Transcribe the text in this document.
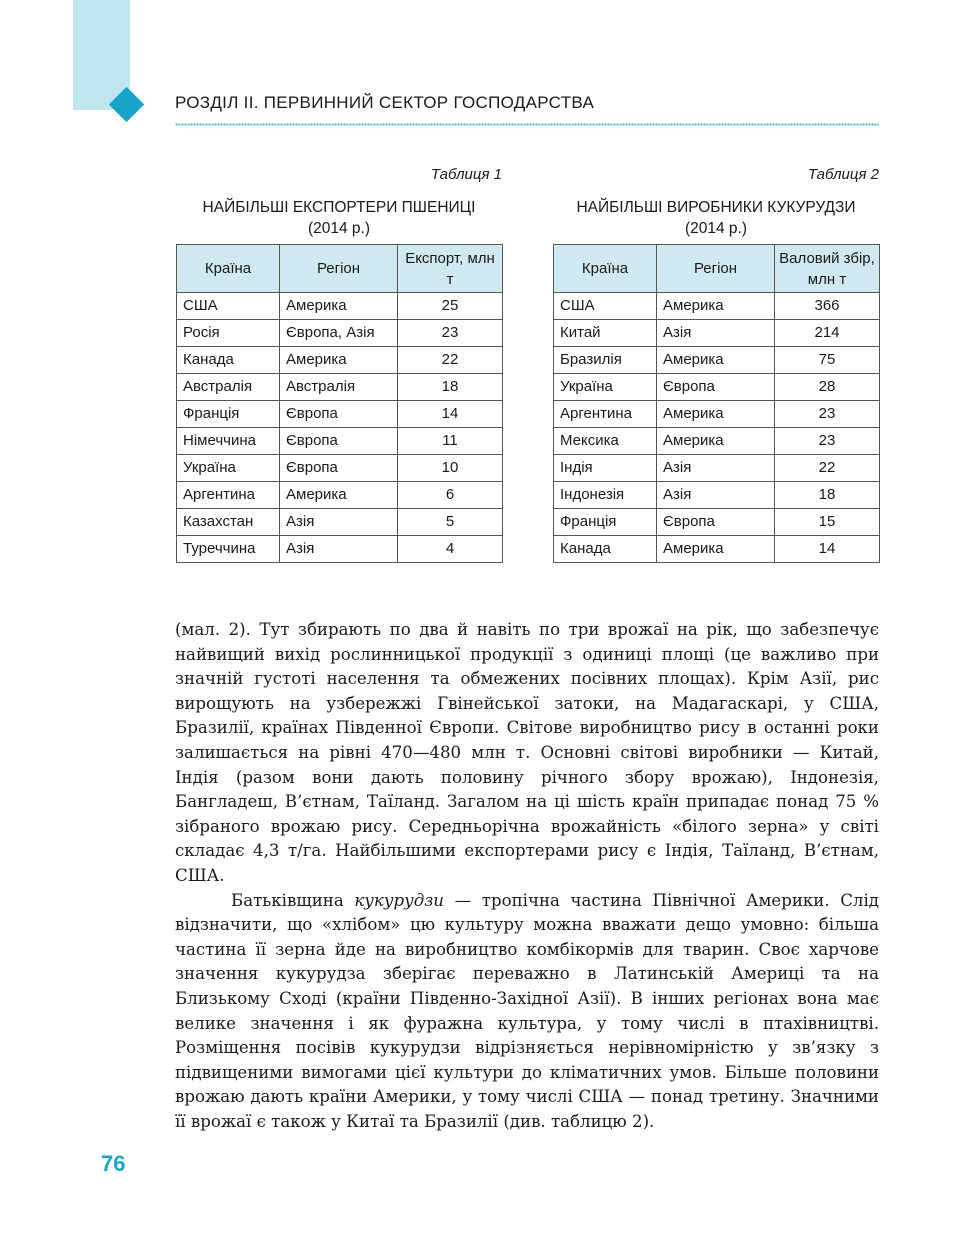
РОЗДІЛ ІІ. ПЕРВИННИЙ СЕКТОР ГОСПОДАРСТВА
Таблиця 1
НАЙБІЛЬШІ ЕКСПОРТЕРИ ПШЕНИЦІ
(2014 р.)
Країна	Регіон	Експорт, млн т
США	Америка	25
Росія	Європа, Азія	23
Канада	Америка	22
Австралія	Австралія	18
Франція	Європа	14
Німеччина	Європа	11
Україна	Європа	10
Аргентина	Америка	6
Казахстан	Азія	5
Туреччина	Азія	4
Таблиця 2
НАЙБІЛЬШІ ВИРОБНИКИ КУКУРУДЗИ
(2014 р.)
Країна	Регіон	Валовий збір, млн т
США	Америка	366
Китай	Азія	214
Бразилія	Америка	75
Україна	Європа	28
Аргентина	Америка	23
Мексика	Америка	23
Індія	Азія	22
Індонезія	Азія	18
Франція	Європа	15
Канада	Америка	14

(мал. 2). Тут збирають по два й навіть по три врожаї на рік, що забезпечує найвищий вихід рослинницької продукції з одиниці площі (це важливо при значній густоті населення та обмежених посівних площах). Крім Азії, рис вирощують на узбережжі Гвінейської затоки, на Мадагаскарі, у США, Бразилії, країнах Південної Європи. Світове виробництво рису в останні роки залишається на рівні 470—480 млн т. Основні світові виробники — Китай, Індія (разом вони дають половину річного збору врожаю), Індонезія, Бангладеш, В’єтнам, Таїланд. Загалом на ці шість країн припадає понад 75 % зібраного врожаю рису. Середньорічна врожайність «білого зерна» у світі складає 4,3 т/га. Найбільшими експортерами рису є Індія, Таїланд, В’єтнам, США.

Батьківщина кукурудзи — тропічна частина Північної Америки. Слід відзначити, що «хлібом» цю культуру можна вважати дещо умовно: більша частина її зерна йде на виробництво комбікормів для тварин. Своє харчове значення кукурудза зберігає переважно в Латинській Америці та на Близькому Сході (країни Південно-Західної Азії). В інших регіонах вона має велике значення і як фуражна культура, у тому числі в птахівництві. Розміщення посівів кукурудзи відрізняється нерівномірністю у зв’язку з підвищеними вимогами цієї культури до кліматичних умов. Більше половини врожаю дають країни Америки, у тому числі США — понад третину. Значними її врожаї є також у Китаї та Бразилії (див. таблицю 2).

76
